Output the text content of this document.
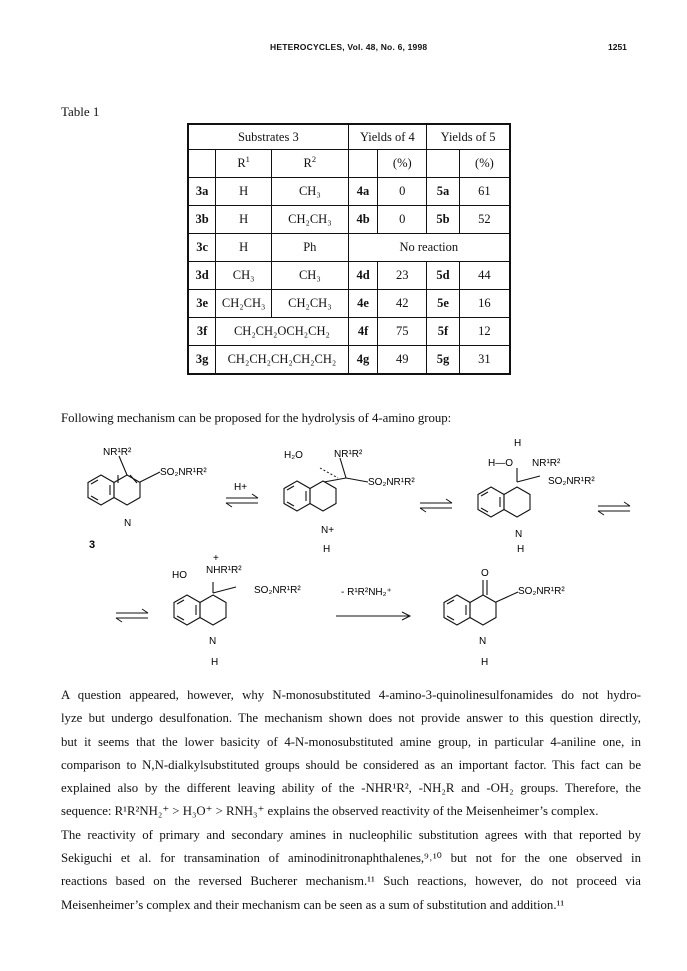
HETEROCYCLES, Vol. 48, No. 6, 1998	1251
Table 1
Substrates 3			Yields of 4		Yields of 5	
	$R^1$	$R^2$		(%)		(%)
3a	H	CH₃	4a	0	5a	61
3b	H	CH₂CH₃	4b	0	5b	52
3c	H	Ph	No reaction			
3d	CH₃	CH₃	4d	23	5d	44
3e	CH₂CH₃	CH₂CH₃	4e	42	5e	16
3f	CH₂CH₂OCH₂CH₂		4f	75	5f	12
3g	CH₂CH₂CH₂CH₂CH₂		4g	49	5g	31
Following mechanism can be proposed for the hydrolysis of 4-amino group:
NR¹R²
SO₂NR¹R²
N
3
H+
H₂O	NR¹R²
SO₂NR¹R²
N+
H
H
H—O NR¹R²
SO₂NR¹R²
N
H
HO
+
NHR¹R²
SO₂NR¹R²
N
H
- R¹R²NH₂⁺
O
SO₂NR¹R²
N
H
A question appeared, however, why N-monosubstituted 4-amino-3-quinolinesulfonamides do not hydro-
lyze but undergo desulfonation. The mechanism shown does not provide answer to this question directly,
but it seems that the lower basicity of 4-N-monosubstituted amine group, in particular 4-aniline one, in
comparison to N,N-dialkylsubstituted groups should be considered as an important factor. This fact can be
explained also by the different leaving ability of the -NHR¹R², -NH₂R and -OH₂ groups. Therefore, the
sequence: R¹R²NH₂⁺ > H₃O⁺ > RNH₃⁺ explains the observed reactivity of the Meisenheimer’s complex.
The reactivity of primary and secondary amines in nucleophilic substitution agrees with that reported by
Sekiguchi et al. for transamination of aminodinitronaphthalenes,⁹˒¹⁰ but not for the one observed in
reactions based on the reversed Bucherer mechanism.¹¹ Such reactions, however, do not proceed via
Meisenheimer’s complex and their mechanism can be seen as a sum of substitution and addition.¹¹
